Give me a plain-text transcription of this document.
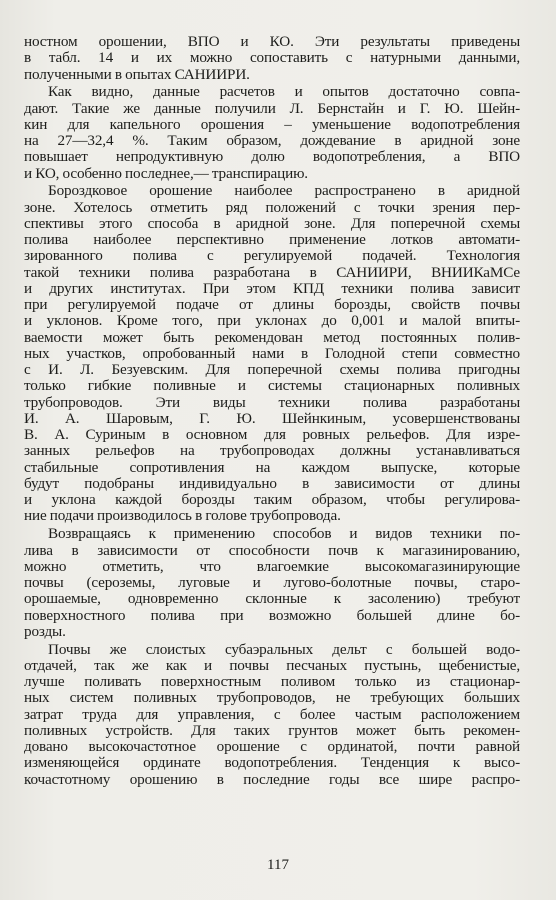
ностном орошении, ВПО и КО. Эти результаты приведены
в табл. 14 и их можно сопоставить с натурными данными,
полученными в опытах САНИИРИ.
Как видно, данные расчетов и опытов достаточно совпа-
дают. Такие же данные получили Л. Бернстайн и Г. Ю. Шейн-
кин для капельного орошения – уменьшение водопотребления
на 27—32,4 %. Таким образом, дождевание в аридной зоне
повышает непродуктивную долю водопотребления, а ВПО
и КО, особенно последнее,— транспирацию.
Бороздковое орошение наиболее распространено в аридной
зоне. Хотелось отметить ряд положений с точки зрения пер-
спективы этого способа в аридной зоне. Для поперечной схемы
полива наиболее перспективно применение лотков автомати-
зированного полива с регулируемой подачей. Технология
такой техники полива разработана в САНИИРИ, ВНИИКаМСе
и других институтах. При этом КПД техники полива зависит
при регулируемой подаче от длины борозды, свойств почвы
и уклонов. Кроме того, при уклонах до 0,001 и малой впиты-
ваемости может быть рекомендован метод постоянных полив-
ных участков, опробованный нами в Голодной степи совместно
с И. Л. Безуевским. Для поперечной схемы полива пригодны
только гибкие поливные и системы стационарных поливных
трубопроводов. Эти виды техники полива разработаны
И. А. Шаровым, Г. Ю. Шейнкиным, усовершенствованы
В. А. Суриным в основном для ровных рельефов. Для изре-
занных рельефов на трубопроводах должны устанавливаться
стабильные сопротивления на каждом выпуске, которые
будут подобраны индивидуально в зависимости от длины
и уклона каждой борозды таким образом, чтобы регулирова-
ние подачи производилось в голове трубопровода.
Возвращаясь к применению способов и видов техники по-
лива в зависимости от способности почв к магазинированию,
можно отметить, что влагоемкие высокомагазинирующие
почвы (сероземы, луговые и лугово-болотные почвы, старо-
орошаемые, одновременно склонные к засолению) требуют
поверхностного полива при возможно большей длине бо-
розды.
Почвы же слоистых субаэральных дельт с большей водо-
отдачей, так же как и почвы песчаных пустынь, щебенистые,
лучше поливать поверхностным поливом только из стационар-
ных систем поливных трубопроводов, не требующих больших
затрат труда для управления, с более частым расположением
поливных устройств. Для таких грунтов может быть рекомен-
довано высокочастотное орошение с ординатой, почти равной
изменяющейся ординате водопотребления. Тенденция к высо-
кочастотному орошению в последние годы все шире распро-
117
